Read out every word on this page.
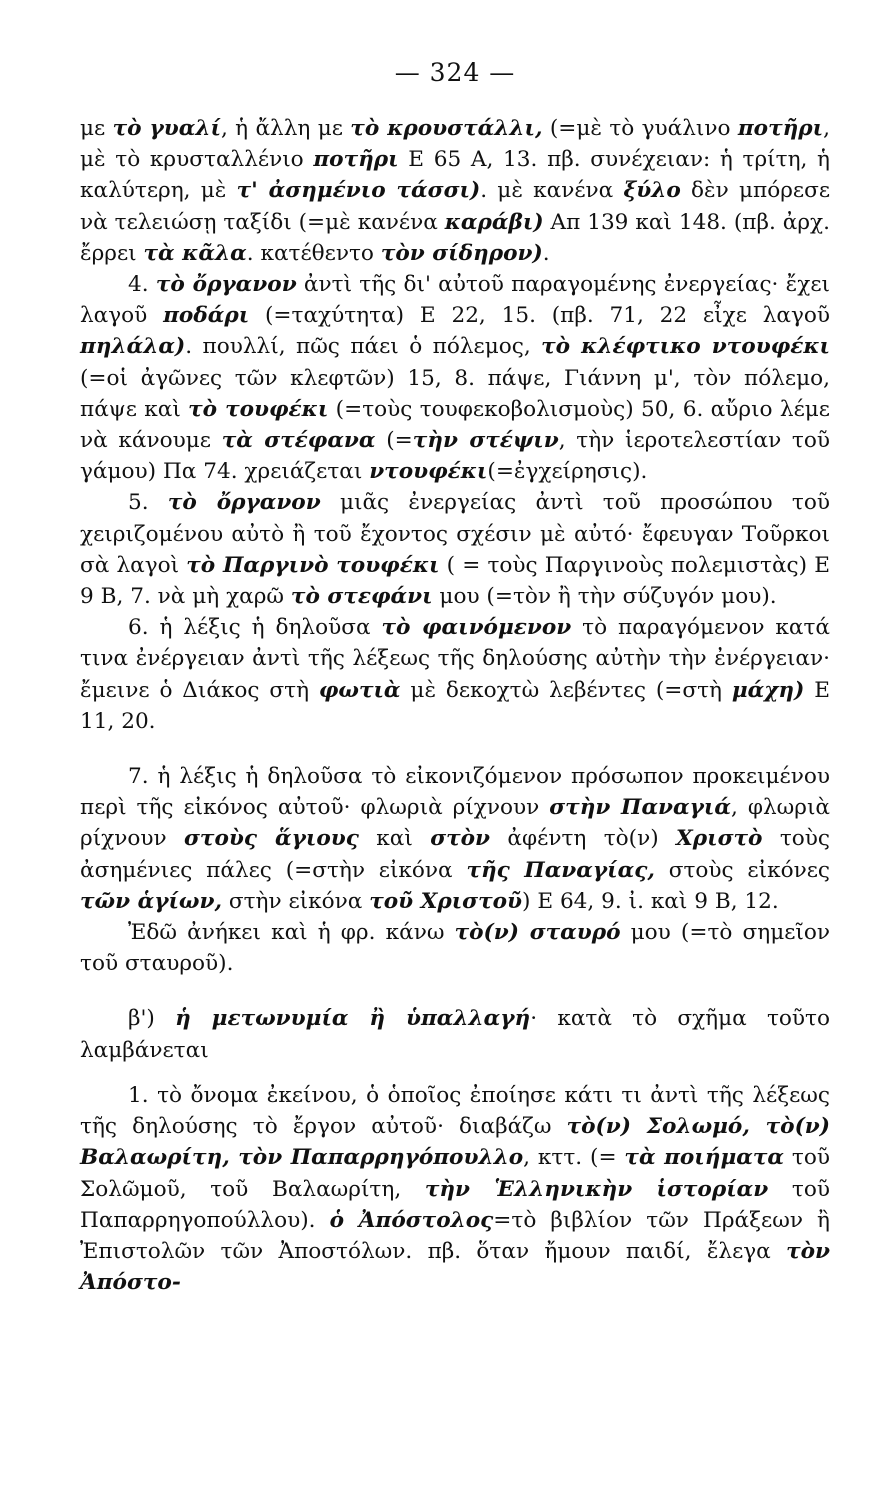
— 324 —

με τὸ γυαλί, ἡ ἄλλη με τὸ κρουστάλλι, (=μὲ τὸ γυάλινο ποτῆρι, μὲ τὸ κρυσταλλένιο ποτῆρι Ε 65 Α, 13. πβ. συνέχειαν: ἡ τρίτη, ἡ καλύτερη, μὲ τ' ἀσημένιο τάσσι). μὲ κανένα ξύλο δὲν μπόρεσε νὰ τελειώσῃ ταξίδι (=μὲ κανένα καράβι) Απ 139 καὶ 148. (πβ. ἀρχ. ἔρρει τὰ κᾶλα. κατέθεντο τὸν σίδηρον).

4. τὸ ὄργανον ἀντὶ τῆς δι' αὐτοῦ παραγομένης ἐνεργείας· ἔχει λαγοῦ ποδάρι (=ταχύτητα) Ε 22, 15. (πβ. 71, 22 εἶχε λαγοῦ πηλάλα). πουλλί, πῶς πάει ὁ πόλεμος, τὸ κλέφτικο ντουφέκι (=οἱ ἀγῶνες τῶν κλεφτῶν) 15, 8. πάψε, Γιάννη μ', τὸν πόλεμο, πάψε καὶ τὸ τουφέκι (=τοὺς τουφεκοβολισμοὺς) 50, 6. αὔριο λέμε νὰ κάνουμε τὰ στέφανα (=τὴν στέψιν, τὴν ἱεροτελεστίαν τοῦ γάμου) Πα 74. χρειάζεται ντουφέκι(=ἐγχείρησις).

5. τὸ ὄργανον μιᾶς ἐνεργείας ἀντὶ τοῦ προσώπου τοῦ χειριζομένου αὐτὸ ἢ τοῦ ἔχοντος σχέσιν μὲ αὐτό· ἔφευγαν Τοῦρκοι σὰ λαγοὶ τὸ Παργινὸ τουφέκι ( = τοὺς Παργινοὺς πολεμιστὰς) Ε 9 Β, 7. νὰ μὴ χαρῶ τὸ στεφάνι μου (=τὸν ἢ τὴν σύζυγόν μου).

6. ἡ λέξις ἡ δηλοῦσα τὸ φαινόμενον τὸ παραγόμενον κατά τινα ἐνέργειαν ἀντὶ τῆς λέξεως τῆς δηλούσης αὐτὴν τὴν ἐνέργειαν· ἔμεινε ὁ Διάκος στὴ φωτιὰ μὲ δεκοχτὼ λεβέντες (=στὴ μάχη) Ε 11, 20.

7. ἡ λέξις ἡ δηλοῦσα τὸ εἰκονιζόμενον πρόσωπον προκειμένου περὶ τῆς εἰκόνος αὐτοῦ· φλωριὰ ρίχνουν στὴν Παναγιά, φλωριὰ ρίχνουν στοὺς ἅγιους καὶ στὸν ἀφέντη τὸ(ν) Χριστὸ τοὺς ἀσημένιες πάλες (=στὴν εἰκόνα τῆς Παναγίας, στοὺς εἰκόνες τῶν ἁγίων, στὴν εἰκόνα τοῦ Χριστοῦ) Ε 64, 9. ἰ. καὶ 9 Β, 12.

Ἐδῶ ἀνήκει καὶ ἡ φρ. κάνω τὸ(ν) σταυρό μου (=τὸ σημεῖον τοῦ σταυροῦ).

β') ἡ μετωνυμία ἢ ὑπαλλαγή· κατὰ τὸ σχῆμα τοῦτο λαμβάνεται

1. τὸ ὄνομα ἐκείνου, ὁ ὁποῖος ἐποίησε κάτι τι ἀντὶ τῆς λέξεως τῆς δηλούσης τὸ ἔργον αὐτοῦ· διαβάζω τὸ(ν) Σολωμό, τὸ(ν) Βαλαωρίτη, τὸν Παπαρρηγόπουλλο, κττ. (= τὰ ποιήματα τοῦ Σολῶμοῦ, τοῦ Βαλαωρίτη, τὴν Ἑλληνικὴν ἱστορίαν τοῦ Παπαρρηγοπούλλου). ὁ Ἀπόστολος=τὸ βιβλίον τῶν Πράξεων ἢ Ἐπιστολῶν τῶν Ἀποστόλων. πβ. ὅταν ἤμουν παιδί, ἔλεγα τὸν Ἀπόστο-
